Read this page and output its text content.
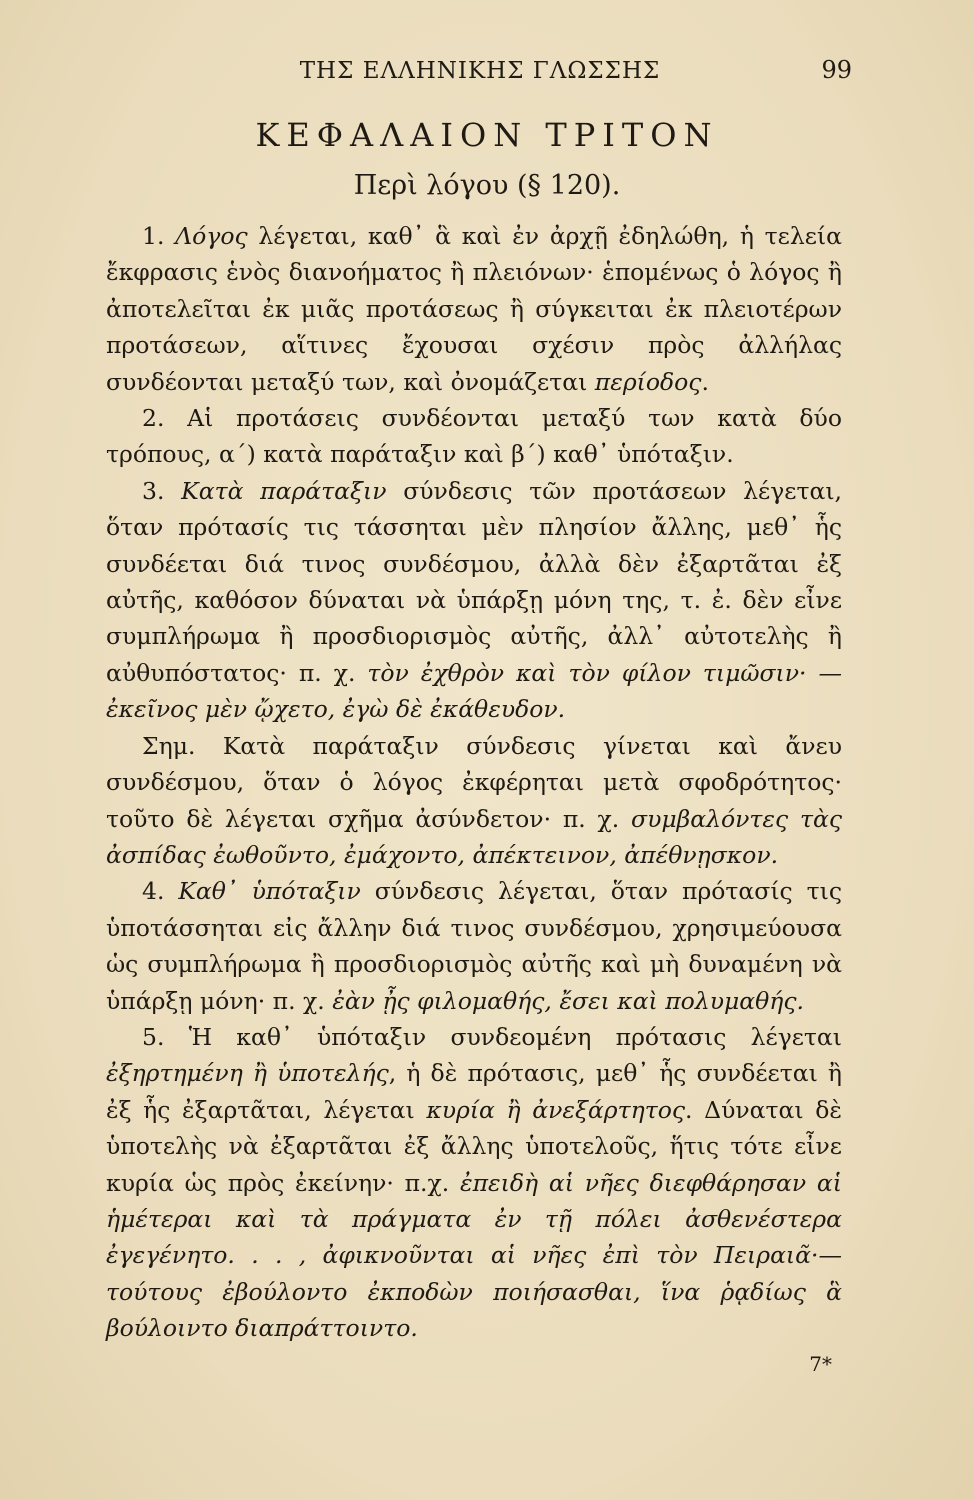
ΤΗΣ ΕΛΛΗΝΙΚΗΣ ΓΛΩΣΣΗΣ	99
ΚΕΦΑΛΑΙΟΝ ΤΡΙΤΟΝ
Περὶ λόγου (§ 120).

1. Λόγος λέγεται, καθ᾽ ἃ καὶ ἐν ἀρχῇ ἐδηλώθη, ἡ τελεία ἔκφρασις ἑνὸς διανοήματος ἢ πλειόνων· ἑπομένως ὁ λόγος ἢ ἀποτελεῖται ἐκ μιᾶς προτάσεως ἢ σύγκειται ἐκ πλειοτέρων προτάσεων, αἵτινες ἔχουσαι σχέσιν πρὸς ἀλλήλας συνδέονται μεταξύ των, καὶ ὀνομάζεται περίοδος.

2. Αἱ προτάσεις συνδέονται μεταξύ των κατὰ δύο τρόπους, α΄) κατὰ παράταξιν καὶ β΄) καθ᾽ ὑπόταξιν.

3. Κατὰ παράταξιν σύνδεσις τῶν προτάσεων λέγεται, ὅταν πρότασίς τις τάσσηται μὲν πλησίον ἄλλης, μεθ᾽ ἧς συνδέεται διά τινος συνδέσμου, ἀλλὰ δὲν ἐξαρτᾶται ἐξ αὐτῆς, καθόσον δύναται νὰ ὑπάρξῃ μόνη της, τ. ἐ. δὲν εἶνε συμπλήρωμα ἢ προσδιορισμὸς αὐτῆς, ἀλλ᾽ αὐτοτελὴς ἢ αὐθυπόστατος· π. χ. τὸν ἐχθρὸν καὶ τὸν φίλον τιμῶσιν· — ἐκεῖνος μὲν ᾤχετο, ἐγὼ δὲ ἐκάθευδον.

Σημ. Κατὰ παράταξιν σύνδεσις γίνεται καὶ ἄνευ συνδέσμου, ὅταν ὁ λόγος ἐκφέρηται μετὰ σφοδρότητος· τοῦτο δὲ λέγεται σχῆμα ἀσύνδετον· π. χ. συμβαλόντες τὰς ἀσπίδας ἐωθοῦντο, ἐμάχοντο, ἀπέκτεινον, ἀπέθνῃσκον.

4. Καθ᾽ ὑπόταξιν σύνδεσις λέγεται, ὅταν πρότασίς τις ὑποτάσσηται εἰς ἄλλην διά τινος συνδέσμου, χρησιμεύουσα ὡς συμπλήρωμα ἢ προσδιορισμὸς αὐτῆς καὶ μὴ δυναμένη νὰ ὑπάρξῃ μόνη· π. χ. ἐὰν ᾖς φιλομαθής, ἔσει καὶ πολυμαθής.

5. Ἡ καθ᾽ ὑπόταξιν συνδεομένη πρότασις λέγεται ἐξηρτημένη ἢ ὑποτελής, ἡ δὲ πρότασις, μεθ᾽ ἧς συνδέεται ἢ ἐξ ἧς ἐξαρτᾶται, λέγεται κυρία ἢ ἀνεξάρτητος. Δύναται δὲ ὑποτελὴς νὰ ἐξαρτᾶται ἐξ ἄλλης ὑποτελοῦς, ἥτις τότε εἶνε κυρία ὡς πρὸς ἐκείνην· π.χ. ἐπειδὴ αἱ νῆες διεφθάρησαν αἱ ἡμέτεραι καὶ τὰ πράγματα ἐν τῇ πόλει ἀσθενέστερα ἐγεγένητο. . . , ἀφικνοῦνται αἱ νῆες ἐπὶ τὸν Πειραιᾶ·— τούτους ἐβούλοντο ἐκποδὼν ποιήσασθαι, ἵνα ῥᾳδίως ἃ βούλοιντο διαπράττοιντο.

7*
